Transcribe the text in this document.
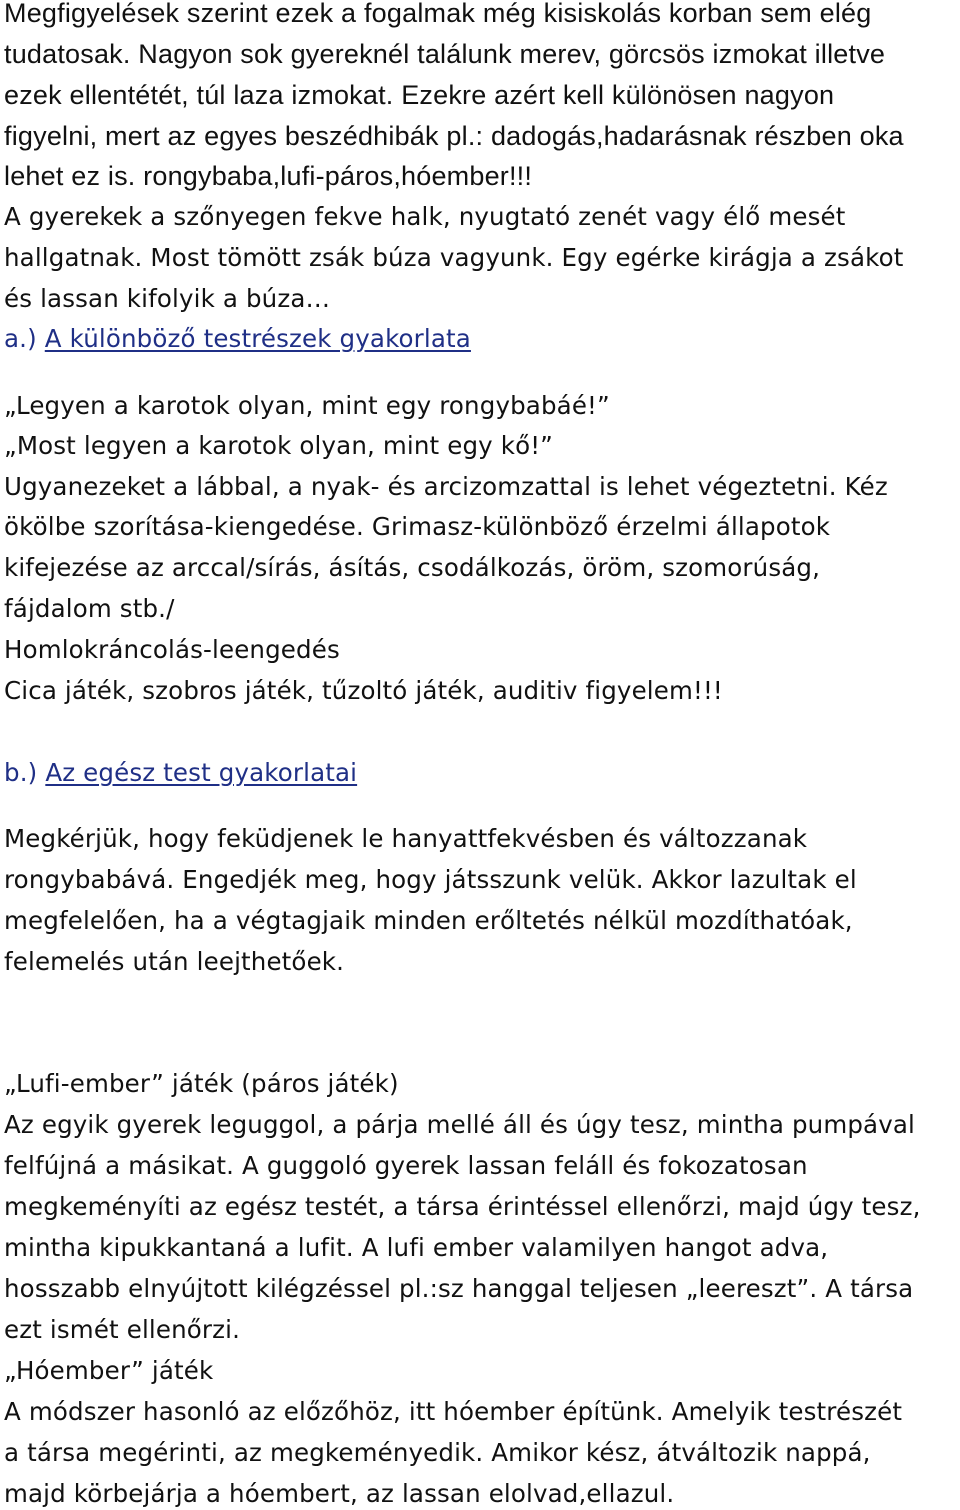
Megfigyelések szerint ezek a fogalmak még kisiskolás korban sem elég
tudatosak. Nagyon sok gyereknél találunk merev, görcsös izmokat illetve
ezek ellentétét, túl laza izmokat. Ezekre azért kell különösen nagyon
figyelni, mert az egyes beszédhibák pl.: dadogás,hadarásnak részben oka
lehet ez is. rongybaba,lufi-páros,hóember!!!
A gyerekek a szőnyegen fekve halk, nyugtató zenét vagy élő mesét
hallgatnak. Most tömött zsák búza vagyunk. Egy egérke kirágja a zsákot
és lassan kifolyik a búza…
a.) A különböző testrészek gyakorlata
„Legyen a karotok olyan, mint egy rongybabáé!”
„Most legyen a karotok olyan, mint egy kő!”
Ugyanezeket a lábbal, a nyak- és arcizomzattal is lehet végeztetni. Kéz
ökölbe szorítása-kiengedése. Grimasz-különböző érzelmi állapotok
kifejezése az arccal/sírás, ásítás, csodálkozás, öröm, szomorúság,
fájdalom stb./
Homlokráncolás-leengedés
Cica játék, szobros játék, tűzoltó játék, auditiv figyelem!!!
b.) Az egész test gyakorlatai
Megkérjük, hogy feküdjenek le hanyattfekvésben és változzanak
rongybabává. Engedjék meg, hogy játsszunk velük. Akkor lazultak el
megfelelően, ha a végtagjaik minden erőltetés nélkül mozdíthatóak,
felemelés után leejthetőek.
„Lufi-ember” játék (páros játék)
Az egyik gyerek leguggol, a párja mellé áll és úgy tesz, mintha pumpával
felfújná a másikat. A guggoló gyerek lassan feláll és fokozatosan
megkeményíti az egész testét, a társa érintéssel ellenőrzi, majd úgy tesz,
mintha kipukkantaná a lufit. A lufi ember valamilyen hangot adva,
hosszabb elnyújtott kilégzéssel pl.:sz hanggal teljesen „leereszt”. A társa
ezt ismét ellenőrzi.
„Hóember” játék
A módszer hasonló az előzőhöz, itt hóember építünk. Amelyik testrészét
a társa megérinti, az megkeményedik. Amikor kész, átváltozik nappá,
majd körbejárja a hóembert, az lassan elolvad,ellazul.
